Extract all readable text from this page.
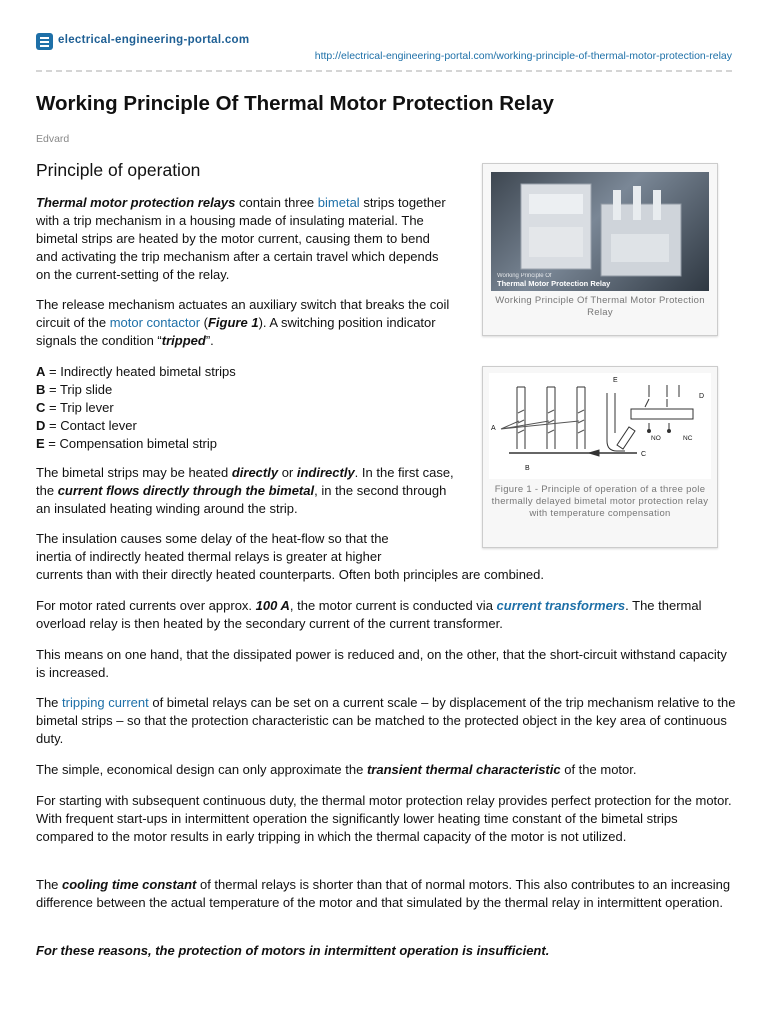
electrical-engineering-portal.com
http://electrical-engineering-portal.com/working-principle-of-thermal-motor-protection-relay
Working Principle Of Thermal Motor Protection Relay
Edvard
Principle of operation

Thermal motor protection relays contain three bimetal strips together with a trip mechanism in a housing made of insulating material. The bimetal strips are heated by the motor current, causing them to bend and activating the trip mechanism after a certain travel which depends on the current-setting of the relay.

The release mechanism actuates an auxiliary switch that breaks the coil circuit of the motor contactor (Figure 1). A switching position indicator signals the condition “tripped”.

A = Indirectly heated bimetal strips
B = Trip slide
C = Trip lever
D = Contact lever
E = Compensation bimetal strip

The bimetal strips may be heated directly or indirectly. In the first case, the current flows directly through the bimetal, in the second through an insulated heating winding around the strip.

The insulation causes some delay of the heat-flow so that the
inertia of indirectly heated thermal relays is greater at higher
currents than with their directly heated counterparts. Often both principles are combined.

For motor rated currents over approx. 100 A, the motor current is conducted via current transformers. The thermal overload relay is then heated by the secondary current of the current transformer.

This means on one hand, that the dissipated power is reduced and, on the other, that the short-circuit withstand capacity is increased.

The tripping current of bimetal relays can be set on a current scale – by displacement of the trip mechanism relative to the bimetal strips – so that the protection characteristic can be matched to the protected object in the key area of continuous duty.

The simple, economical design can only approximate the transient thermal characteristic of the motor.

For starting with subsequent continuous duty, the thermal motor protection relay provides perfect protection for the motor. With frequent start-ups in intermittent operation the significantly lower heating time constant of the bimetal strips compared to the motor results in early tripping in which the thermal capacity of the motor is not utilized.

The cooling time constant of thermal relays is shorter than that of normal motors. This also contributes to an increasing difference between the actual temperature of the motor and that simulated by the thermal relay in intermittent operation.

For these reasons, the protection of motors in intermittent operation is insufficient.

Working Principle Of
Thermal Motor Protection Relay
Working Principle Of Thermal Motor Protection Relay
A
B
C
D
E
NO	NC
Figure 1 - Principle of operation of a three pole thermally delayed bimetal motor protection relay with temperature compensation
